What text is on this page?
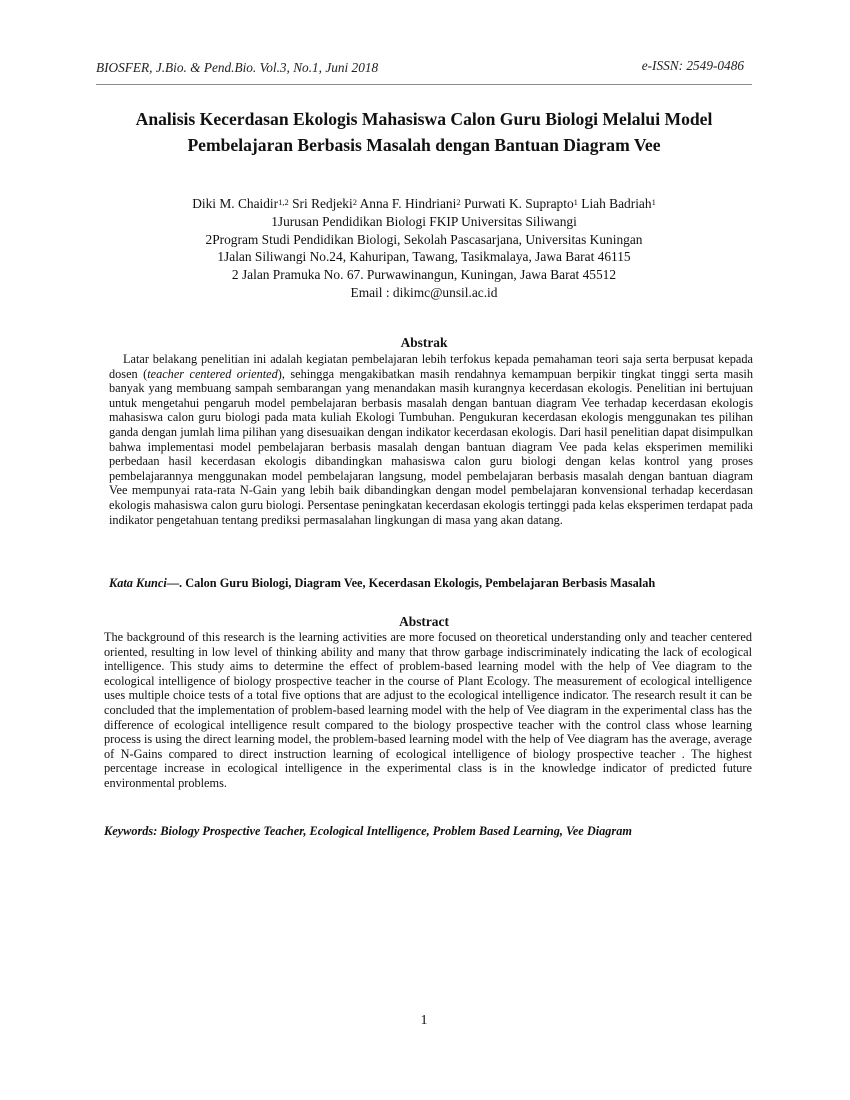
BIOSFER, J.Bio. & Pend.Bio. Vol.3, No.1, Juni 2018	e-ISSN: 2549-0486
Analisis Kecerdasan Ekologis Mahasiswa Calon Guru Biologi Melalui Model Pembelajaran Berbasis Masalah dengan Bantuan Diagram Vee
Diki M. Chaidir$^{1,2}$ Sri Redjeki$^2$ Anna F. Hindriani$^2$ Purwati K. Suprapto$^1$ Liah Badriah$^1$
1Jurusan Pendidikan Biologi FKIP Universitas Siliwangi
2Program Studi Pendidikan Biologi, Sekolah Pascasarjana, Universitas Kuningan
1Jalan Siliwangi No.24, Kahuripan, Tawang, Tasikmalaya, Jawa Barat 46115
2 Jalan Pramuka No. 67. Purwawinangun, Kuningan, Jawa Barat 45512
Email : dikimc@unsil.ac.id
Abstrak

Latar belakang penelitian ini adalah kegiatan pembelajaran lebih terfokus kepada pemahaman teori saja serta berpusat kepada dosen (teacher centered oriented), sehingga mengakibatkan masih rendahnya kemampuan berpikir tingkat tinggi serta masih banyak yang membuang sampah sembarangan yang menandakan masih kurangnya kecerdasan ekologis. Penelitian ini bertujuan untuk mengetahui pengaruh model pembelajaran berbasis masalah dengan bantuan diagram Vee terhadap kecerdasan ekologis mahasiswa calon guru biologi pada mata kuliah Ekologi Tumbuhan. Pengukuran kecerdasan ekologis menggunakan tes pilihan ganda dengan jumlah lima pilihan yang disesuaikan dengan indikator kecerdasan ekologis. Dari hasil penelitian dapat disimpulkan bahwa implementasi model pembelajaran berbasis masalah dengan bantuan diagram Vee pada kelas eksperimen memiliki perbedaan hasil kecerdasan ekologis dibandingkan mahasiswa calon guru biologi dengan kelas kontrol yang proses pembelajarannya menggunakan model pembelajaran langsung, model pembelajaran berbasis masalah dengan bantuan diagram Vee mempunyai rata-rata N-Gain yang lebih baik dibandingkan dengan model pembelajaran konvensional terhadap kecerdasan ekologis mahasiswa calon guru biologi. Persentase peningkatan kecerdasan ekologis tertinggi pada kelas eksperimen terdapat pada indikator pengetahuan tentang prediksi permasalahan lingkungan di masa yang akan datang.

Kata Kunci—. Calon Guru Biologi, Diagram Vee, Kecerdasan Ekologis, Pembelajaran Berbasis Masalah
Abstract

The background of this research is the learning activities are more focused on theoretical understanding only and teacher centered oriented, resulting in low level of thinking ability and many that throw garbage indiscriminately indicating the lack of ecological intelligence. This study aims to determine the effect of problem-based learning model with the help of Vee diagram to the ecological intelligence of biology prospective teacher in the course of Plant Ecology. The measurement of ecological intelligence uses multiple choice tests of a total five options that are adjust to the ecological intelligence indicator. The research result it can be concluded that the implementation of problem-based learning model with the help of Vee diagram in the experimental class has the difference of ecological intelligence result compared to the biology prospective teacher with the control class whose learning process is using the direct learning model, the problem-based learning model with the help of Vee diagram has the average, average of N-Gains compared to direct instruction learning of ecological intelligence of biology prospective teacher . The highest percentage increase in ecological intelligence in the experimental class is in the knowledge indicator of predicted future environmental problems.

Keywords: Biology Prospective Teacher, Ecological Intelligence, Problem Based Learning, Vee Diagram
1
